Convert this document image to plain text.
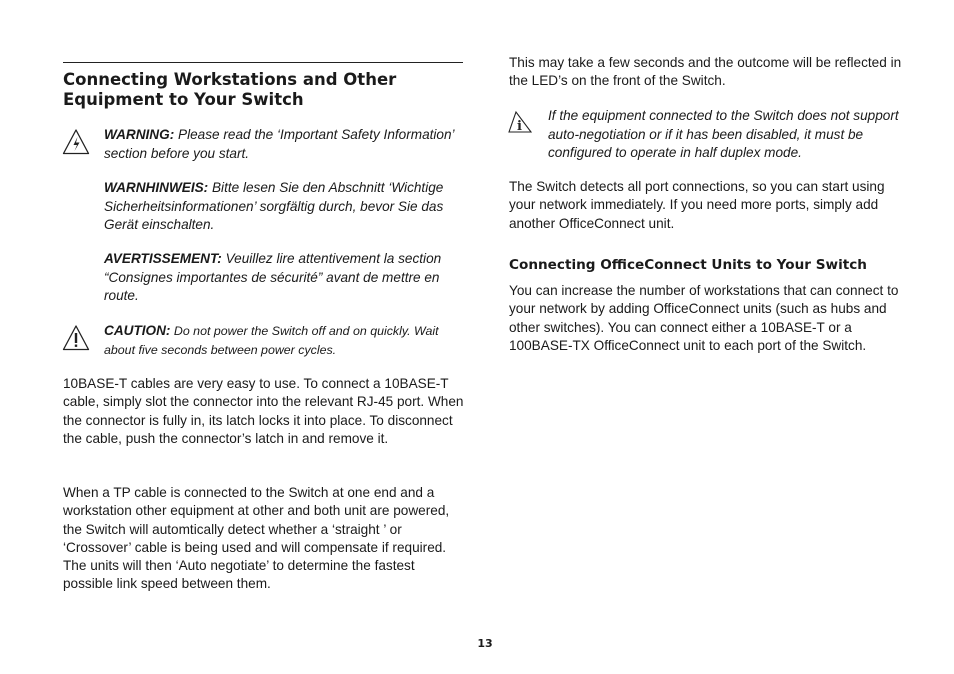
Connecting Workstations and Other
Equipment to Your Switch
WARNING: Please read the ‘Important Safety Information’ section before you start.
WARNHINWEIS: Bitte lesen Sie den Abschnitt ‘Wichtige Sicherheitsinformationen’ sorgfältig durch, bevor Sie das Gerät einschalten.
AVERTISSEMENT: Veuillez lire attentivement la section “Consignes importantes de sécurité” avant de mettre en route.
CAUTION: Do not power the Switch off and on quickly. Wait about five seconds between power cycles.

10BASE-T cables are very easy to use. To connect a 10BASE-T cable, simply slot the connector into the relevant RJ-45 port. When the connector is fully in, its latch locks it into place. To disconnect the cable, push the connector’s latch in and remove it.

When a TP cable is connected to the Switch at one end and a workstation other equipment at other and both unit are powered, the Switch will automtically detect whether a ‘straight ’ or ‘Crossover’ cable is being used and will compensate if required. The units will then ‘Auto negotiate’ to determine the fastest possible link speed between them.

This may take a few seconds and the outcome will be reflected in the LED’s on the front of the Switch.

i
If the equipment connected to the Switch does not support auto-negotiation or if it has been disabled, it must be configured to operate in half duplex mode.

The Switch detects all port connections, so you can start using your network immediately. If you need more ports, simply add another OfficeConnect unit.

Connecting OfficeConnect Units to Your Switch

You can increase the number of workstations that can connect to your network by adding OfficeConnect units (such as hubs and other switches). You can connect either a 10BASE-T or a 100BASE-TX OfficeConnect unit to each port of the Switch.

13
